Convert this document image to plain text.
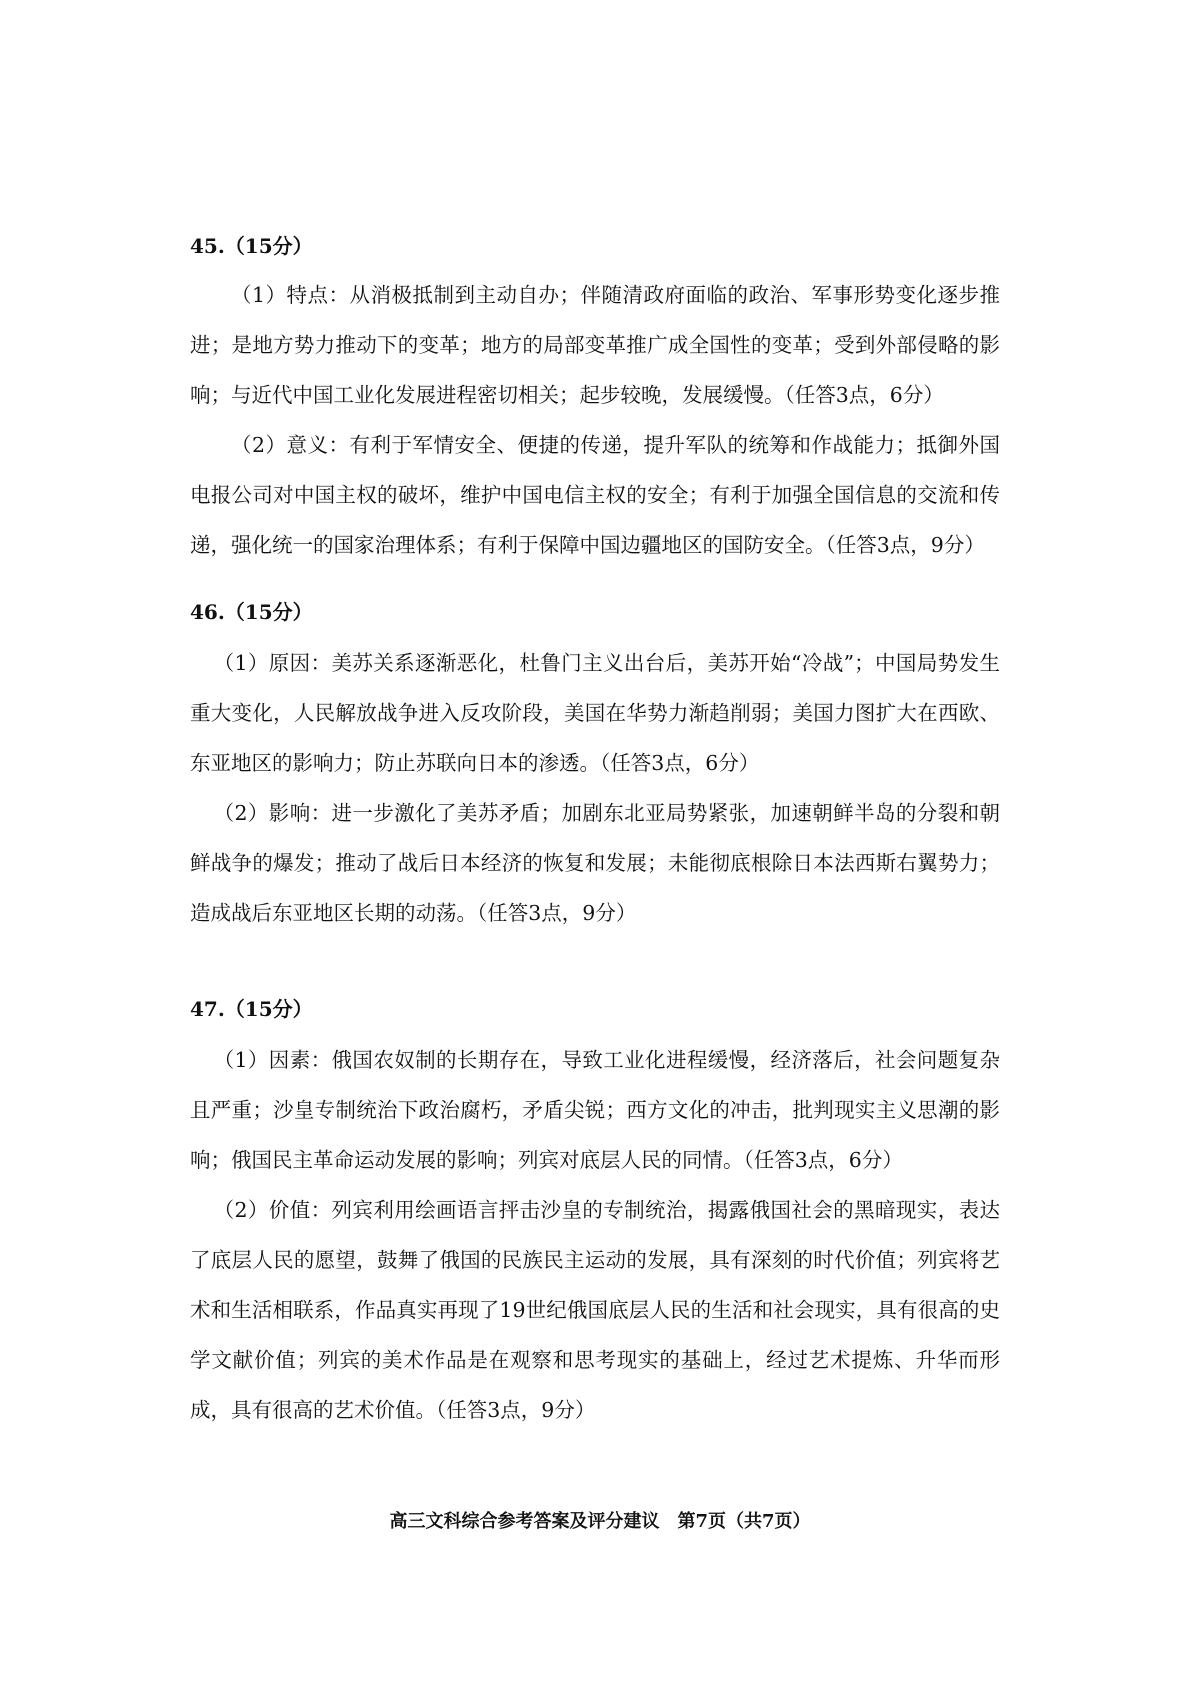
45.（15分）

（1）特点：从消极抵制到主动自办；伴随清政府面临的政治、军事形势变化逐步推进；是地方势力推动下的变革；地方的局部变革推广成全国性的变革；受到外部侵略的影响；与近代中国工业化发展进程密切相关；起步较晚，发展缓慢。（任答3点，6分）

（2）意义：有利于军情安全、便捷的传递，提升军队的统筹和作战能力；抵御外国电报公司对中国主权的破坏，维护中国电信主权的安全；有利于加强全国信息的交流和传递，强化统一的国家治理体系；有利于保障中国边疆地区的国防安全。（任答3点，9分）

46.（15分）

（1）原因：美苏关系逐渐恶化，杜鲁门主义出台后，美苏开始“冷战”；中国局势发生重大变化，人民解放战争进入反攻阶段，美国在华势力渐趋削弱；美国力图扩大在西欧、东亚地区的影响力；防止苏联向日本的渗透。（任答3点，6分）

（2）影响：进一步激化了美苏矛盾；加剧东北亚局势紧张，加速朝鲜半岛的分裂和朝鲜战争的爆发；推动了战后日本经济的恢复和发展；未能彻底根除日本法西斯右翼势力；造成战后东亚地区长期的动荡。（任答3点，9分）

47.（15分）

（1）因素：俄国农奴制的长期存在，导致工业化进程缓慢，经济落后，社会问题复杂且严重；沙皇专制统治下政治腐朽，矛盾尖锐；西方文化的冲击，批判现实主义思潮的影响；俄国民主革命运动发展的影响；列宾对底层人民的同情。（任答3点，6分）

（2）价值：列宾利用绘画语言抨击沙皇的专制统治，揭露俄国社会的黑暗现实，表达了底层人民的愿望，鼓舞了俄国的民族民主运动的发展，具有深刻的时代价值；列宾将艺术和生活相联系，作品真实再现了19世纪俄国底层人民的生活和社会现实，具有很高的史学文献价值；列宾的美术作品是在观察和思考现实的基础上，经过艺术提炼、升华而形成，具有很高的艺术价值。（任答3点，9分）

高三文科综合参考答案及评分建议　第7页（共7页）
